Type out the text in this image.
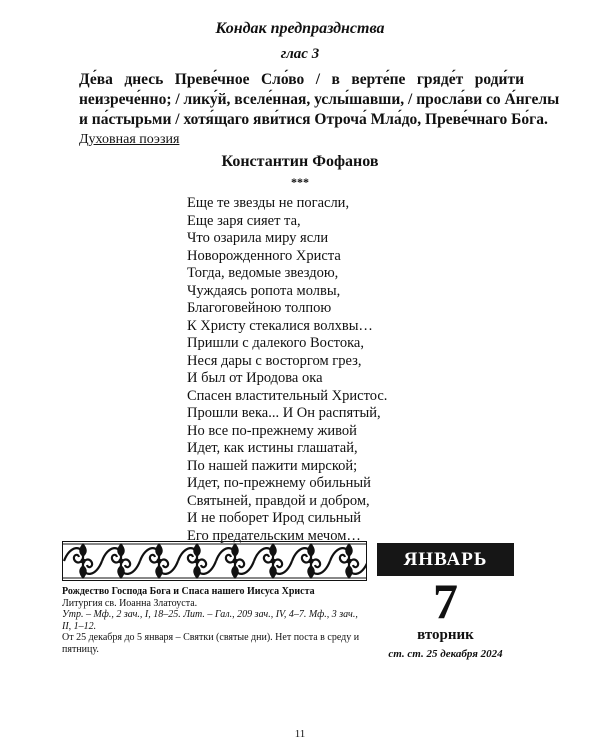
Кондак предпразднства
глас 3
Де́ва днесь Преве́чное Сло́во / в верте́пе гряде́т роди́ти
неизрече́нно; / лику́й, вселе́нная, услы́шавши, / просла́ви со А́нгелы
и па́стырьми / хотя́щаго яви́тися Отроча́ Мла́до, Преве́чнаго Бо́га.
Духовная поэзия
Константин Фофанов
***
Еще те звезды не погасли,
Еще заря сияет та,
Что озарила миру ясли
Новорожденного Христа
Тогда, ведомые звездою,
Чуждаясь ропота молвы,
Благоговейною толпою
К Христу стекалися волхвы…
Пришли с далекого Востока,
Неся дары с восторгом грез,
И был от Иродова ока
Спасен властительный Христос.
Прошли века... И Он распятый,
Но все по-прежнему живой
Идет, как истины глашатай,
По нашей пажити мирской;
Идет, по-прежнему обильный
Святыней, правдой и добром,
И не поборет Ирод сильный
Его предательским мечом…
Рождество Господа Бога и Спаса нашего Иисуса Христа
Литургия св. Иоанна Златоуста.
Утр. – Мф., 2 зач., I, 18–25. Лит. – Гал., 209 зач., IV, 4–7. Мф., 3 зач., II, 1–12.
От 25 декабря до 5 января – Святки (святые дни). Нет поста в среду и пятницу.
ЯНВАРЬ
7
вторник
ст. ст. 25 декабря 2024
11
